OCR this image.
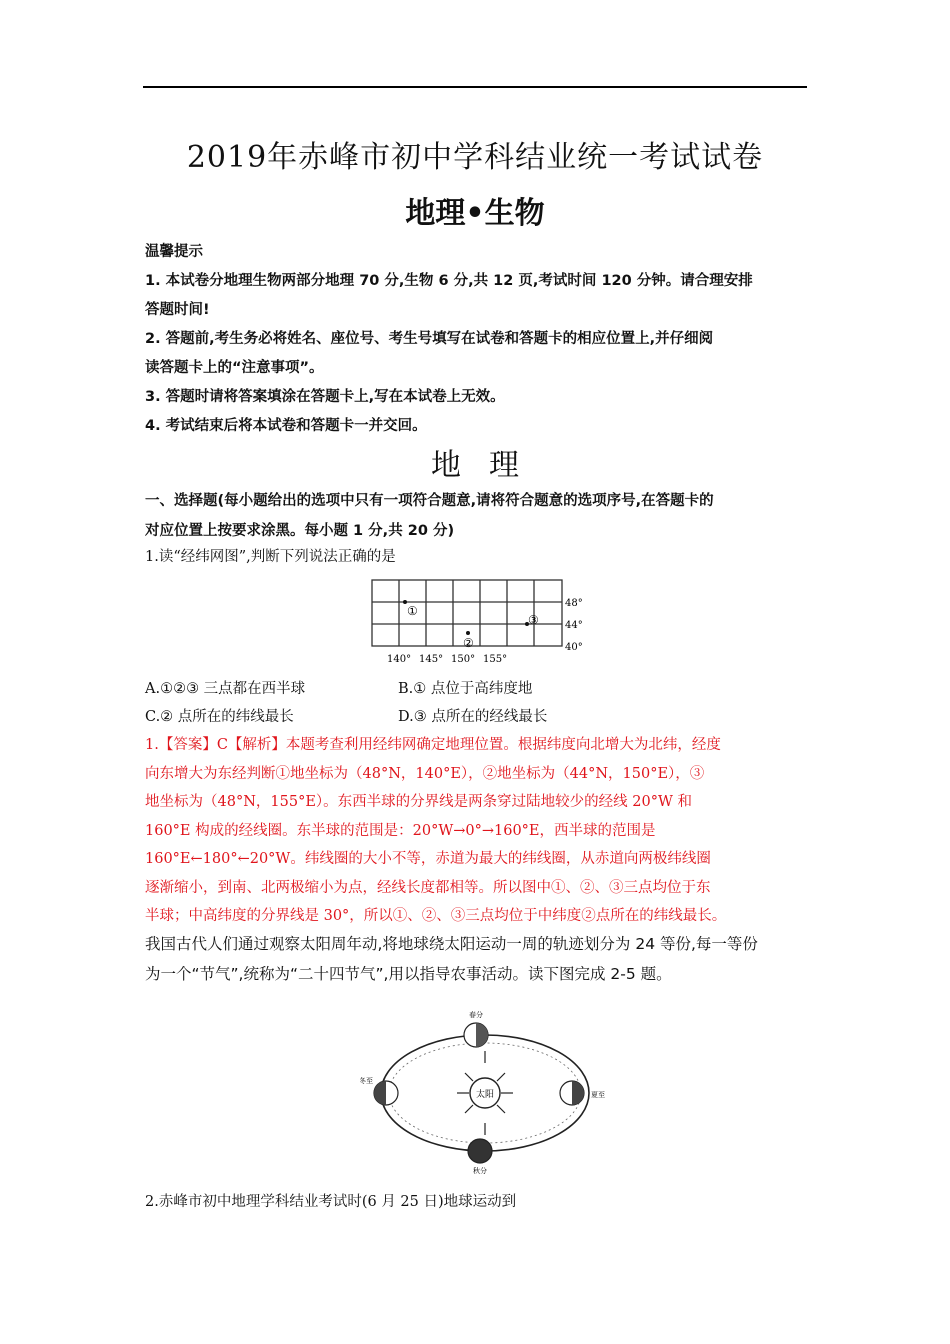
2019年赤峰市初中学科结业统一考试试卷
地理•生物
温馨提示
1. 本试卷分地理生物两部分地理 70 分,生物 6 分,共 12 页,考试时间 120 分钟。请合理安排
答题时间!
2. 答题前,考生务必将姓名、座位号、考生号填写在试卷和答题卡的相应位置上,并仔细阅
读答题卡上的“注意事项”。
3. 答题时请将答案填涂在答题卡上,写在本试卷上无效。
4. 考试结束后将本试卷和答题卡一并交回。
地理
一、选择题(每小题给出的选项中只有一项符合题意,请将符合题意的选项序号,在答题卡的
对应位置上按要求涂黑。每小题 1 分,共 20 分)
1.读“经纬网图”,判断下列说法正确的是
①
②
③
48°
44°
40°
140° 145° 150° 155°
A.①②③ 三点都在西半球	B.① 点位于高纬度地
C.② 点所在的纬线最长	D.③ 点所在的经线最长
1.【答案】C【解析】本题考查利用经纬网确定地理位置。根据纬度向北增大为北纬，经度
向东增大为东经判断①地坐标为（48°N，140°E），②地坐标为（44°N，150°E），③
地坐标为（48°N，155°E）。东西半球的分界线是两条穿过陆地较少的经线 20°W 和
160°E 构成的经线圈。东半球的范围是：20°W→0°→160°E，西半球的范围是
160°E←180°←20°W。纬线圈的大小不等，赤道为最大的纬线圈，从赤道向两极纬线圈
逐渐缩小，到南、北两极缩小为点，经线长度都相等。所以图中①、②、③三点均位于东
半球；中高纬度的分界线是 30°，所以①、②、③三点均位于中纬度②点所在的纬线最长。
我国古代人们通过观察太阳周年动,将地球绕太阳运动一周的轨迹划分为 24 等份,每一等份
为一个“节气”,统称为“二十四节气”,用以指导农事活动。读下图完成 2-5 题。
太阳
春分
夏至
秋分
冬至
2.赤峰市初中地理学科结业考试时(6 月 25 日)地球运动到
